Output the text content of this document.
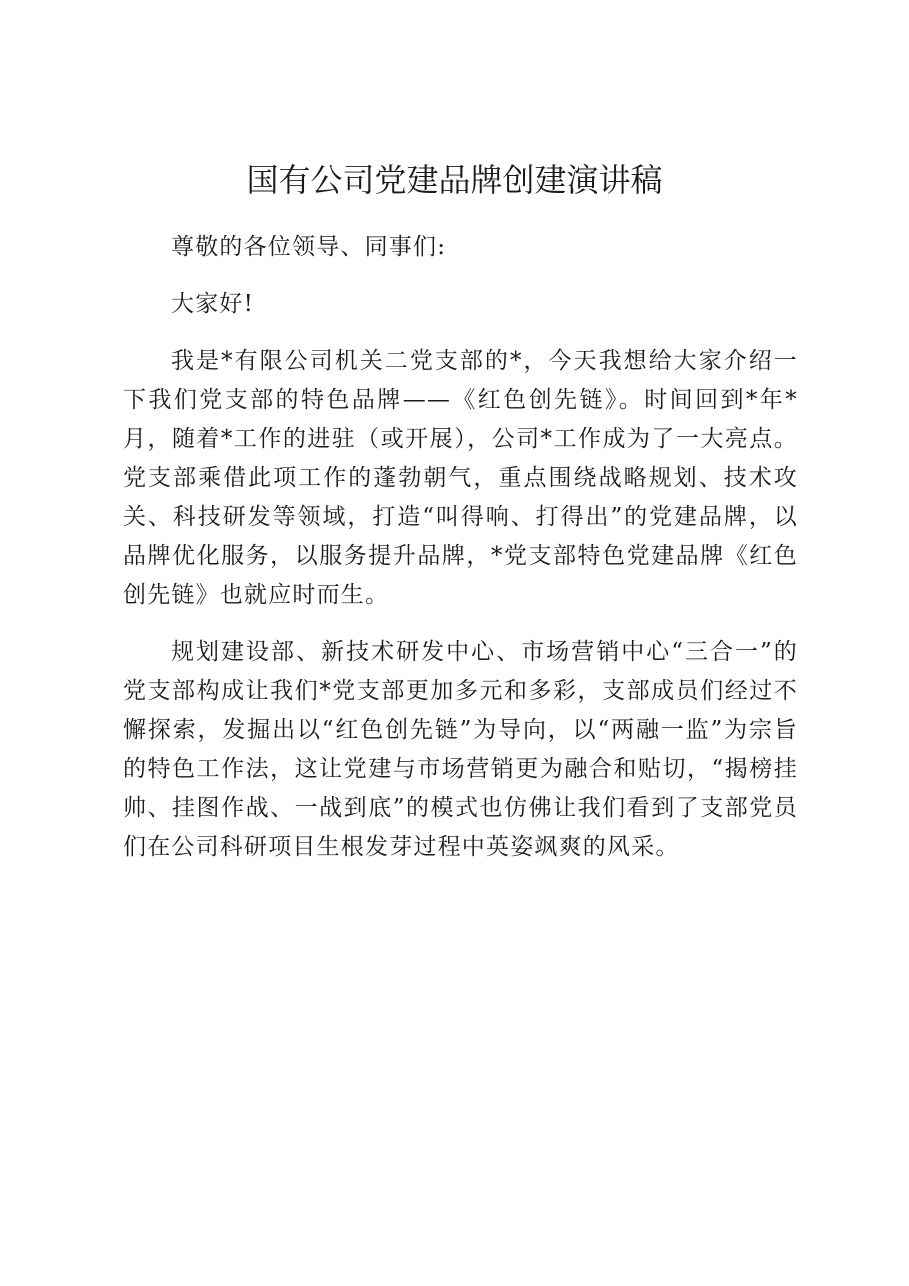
国有公司党建品牌创建演讲稿

尊敬的各位领导、同事们:

大家好!

我是*有限公司机关二党支部的*，今天我想给大家介绍一下我们党支部的特色品牌——《红色创先链》。时间回到*年*月，随着*工作的进驻（或开展），公司*工作成为了一大亮点。党支部乘借此项工作的蓬勃朝气，重点围绕战略规划、技术攻关、科技研发等领域，打造“叫得响、打得出”的党建品牌，以品牌优化服务，以服务提升品牌，*党支部特色党建品牌《红色创先链》也就应时而生。

规划建设部、新技术研发中心、市场营销中心“三合一”的党支部构成让我们*党支部更加多元和多彩，支部成员们经过不懈探索，发掘出以“红色创先链”为导向，以“两融一监”为宗旨的特色工作法，这让党建与市场营销更为融合和贴切，“揭榜挂帅、挂图作战、一战到底”的模式也仿佛让我们看到了支部党员们在公司科研项目生根发芽过程中英姿飒爽的风采。
